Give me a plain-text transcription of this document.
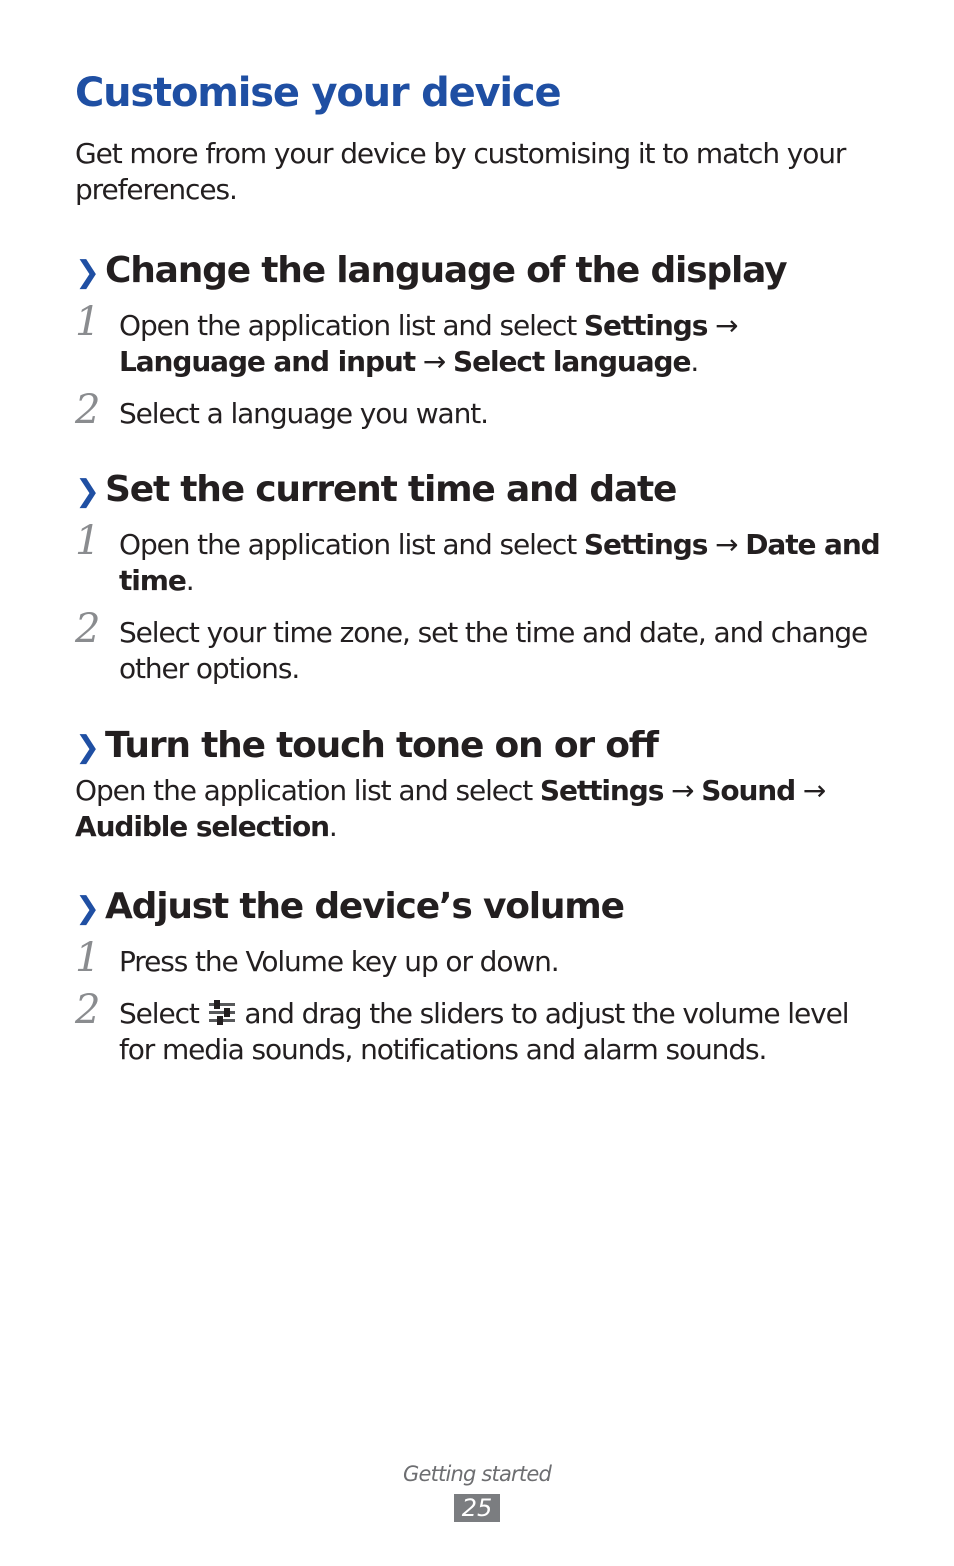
Customise your device

Get more from your device by customising it to match your preferences.

❯ Change the language of the display
1 Open the application list and select Settings →
Language and input → Select language.

2 Select a language you want.

❯ Set the current time and date
1 Open the application list and select Settings → Date and time.

2 Select your time zone, set the time and date, and change other options.

❯ Turn the touch tone on or off

Open the application list and select Settings → Sound →
Audible selection.

❯ Adjust the device’s volume
1 Press the Volume key up or down.

2 Select  and drag the sliders to adjust the volume level for media sounds, notifications and alarm sounds.

Getting started
25
